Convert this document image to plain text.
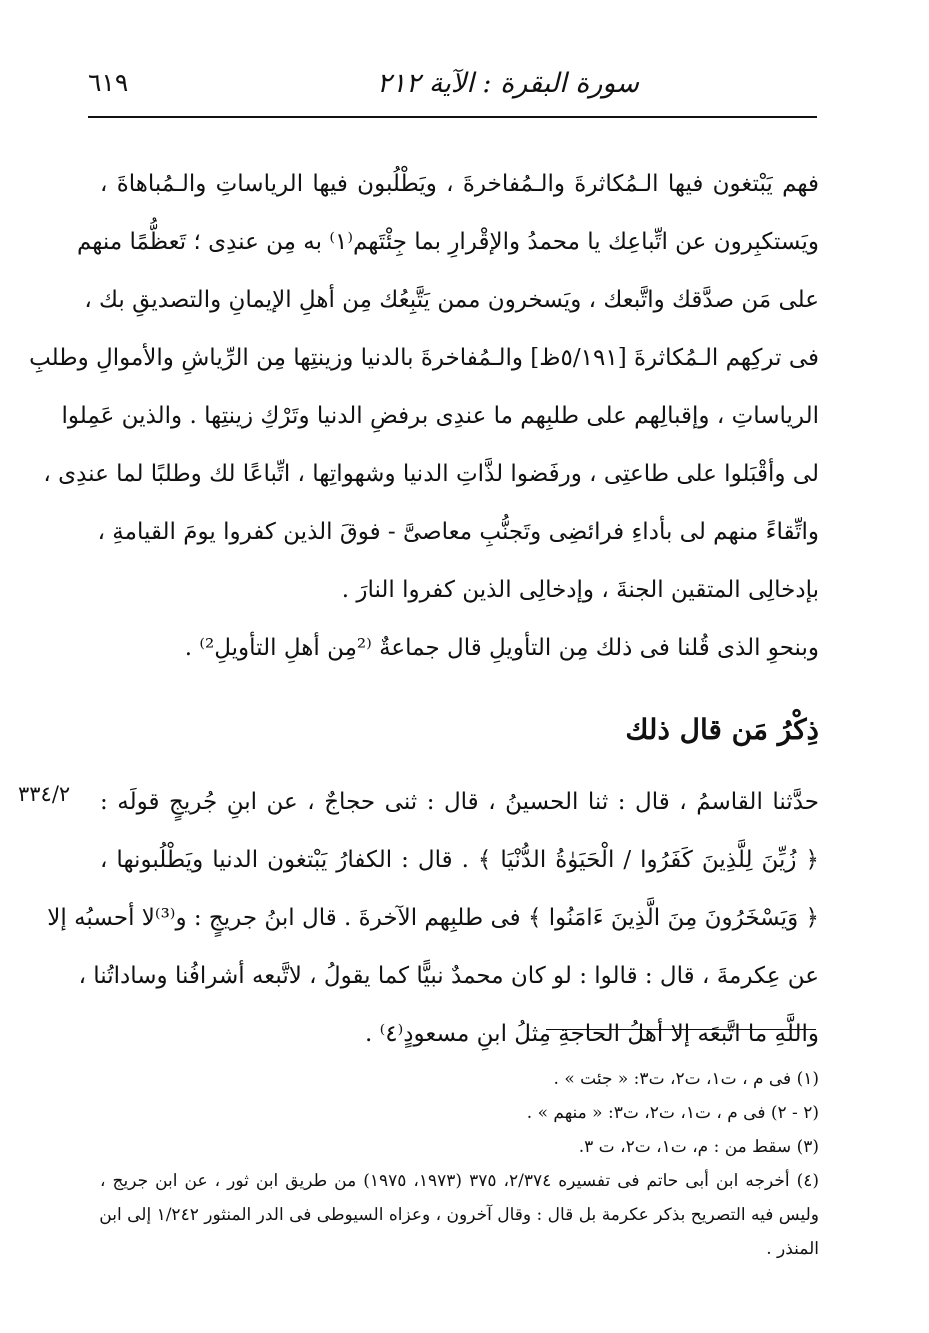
سورة البقرة : الآية ٢١٢
٦١٩
فهم يَبْتغون فيها الـمُكاثرةَ والـمُفاخرةَ ، ويَطْلُبون فيها الرياساتِ والـمُباهاةَ ،
ويَستكبِرون عن اتِّباعِك يا محمدُ والإقْرارِ بما جِئْتَهم⁽١⁾ به مِن عندِى ؛ تَعظُّمًا منهم
على مَن صدَّقك واتَّبعك ، ويَسخرون ممن يَتَّبِعُك مِن أهلِ الإيمانِ والتصديقِ بك ،
فى تركِهم الـمُكاثرةَ [٥/١٩١ظ] والـمُفاخرةَ بالدنيا وزينتِها مِن الرِّياشِ والأموالِ وطلبِ
الرياساتِ ، وإقبالِهم على طلبِهم ما عندِى برفضِ الدنيا وتَرْكِ زينتِها . والذين عَمِلوا
لى وأقْبَلوا على طاعتِى ، ورفَضوا لذَّاتِ الدنيا وشهواتِها ، اتِّباعًا لك وطلبًا لما عندِى ،
واتِّقاءً منهم لى بأداءِ فرائضِى وتَجنُّبِ معاصىَّ - فوقَ الذين كفروا يومَ القيامةِ ،
بإدخالِى المتقين الجنةَ ، وإدخالِى الذين كفروا النارَ .
وبنحوِ الذى قُلنا فى ذلك مِن التأويلِ قال جماعةٌ ⁽²مِن أهلِ التأويلِ²⁾ .
ذِكْرُ مَن قال ذلك
حدَّثنا القاسمُ ، قال : ثنا الحسينُ ، قال : ثنى حجاجٌ ، عن ابنِ جُريجٍ قولَه :
﴿ زُيِّنَ لِلَّذِينَ كَفَرُوا / الْحَيَوٰةُ الدُّنْيَا ﴾ . قال : الكفارُ يَبْتغون الدنيا ويَطْلُبونها ،
﴿ وَيَسْخَرُونَ مِنَ الَّذِينَ ءَامَنُوا ﴾ فى طلبِهم الآخرةَ . قال ابنُ جريجٍ : و⁽³⁾لا أحسبُه إلا
عن عِكرمةَ ، قال : قالوا : لو كان محمدٌ نبيًّا كما يقولُ ، لاتَّبعه أشرافُنا وساداتُنا ،
واللَّهِ ما اتَّبعَه إلا أهلُ الحاجةِ مِثلُ ابنِ مسعودٍ⁽٤⁾ .
٣٣٤/٢
(١) فى م ، ت١، ت٢، ت٣: « جئت » .
(٢ - ٢) فى م ، ت١، ت٢، ت٣: « منهم » .
(٣) سقط من : م، ت١، ت٢، ت ٣.
(٤) أخرجه ابن أبى حاتم فى تفسيره ٢/٣٧٤، ٣٧٥ (١٩٧٣، ١٩٧٥) من طريق ابن ثور ، عن ابن جريج ،
وليس فيه التصريح بذكر عكرمة بل قال : وقال آخرون ، وعزاه السيوطى فى الدر المنثور ١/٢٤٢ إلى ابن
المنذر .
